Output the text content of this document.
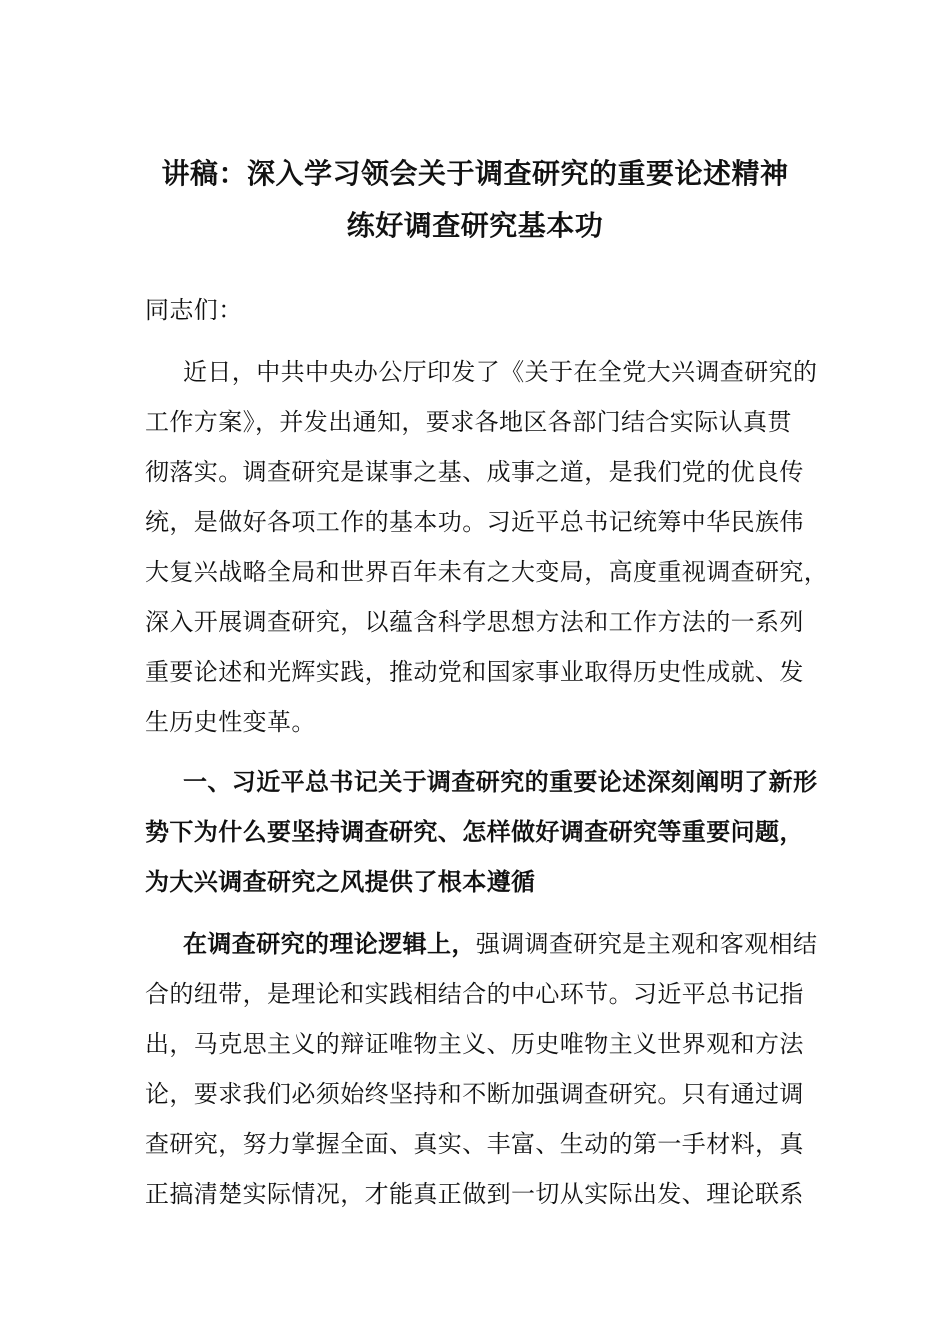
讲稿：深入学习领会关于调查研究的重要论述精神
练好调查研究基本功
同志们：
近日，中共中央办公厅印发了《关于在全党大兴调查研究的
工作方案》，并发出通知，要求各地区各部门结合实际认真贯
彻落实。调查研究是谋事之基、成事之道，是我们党的优良传
统，是做好各项工作的基本功。习近平总书记统筹中华民族伟
大复兴战略全局和世界百年未有之大变局，高度重视调查研究，
深入开展调查研究，以蕴含科学思想方法和工作方法的一系列
重要论述和光辉实践，推动党和国家事业取得历史性成就、发
生历史性变革。
一、习近平总书记关于调查研究的重要论述深刻阐明了新形
势下为什么要坚持调查研究、怎样做好调查研究等重要问题，
为大兴调查研究之风提供了根本遵循
在调查研究的理论逻辑上，强调调查研究是主观和客观相结
合的纽带，是理论和实践相结合的中心环节。习近平总书记指
出，马克思主义的辩证唯物主义、历史唯物主义世界观和方法
论，要求我们必须始终坚持和不断加强调查研究。只有通过调
查研究，努力掌握全面、真实、丰富、生动的第一手材料，真
正搞清楚实际情况，才能真正做到一切从实际出发、理论联系
